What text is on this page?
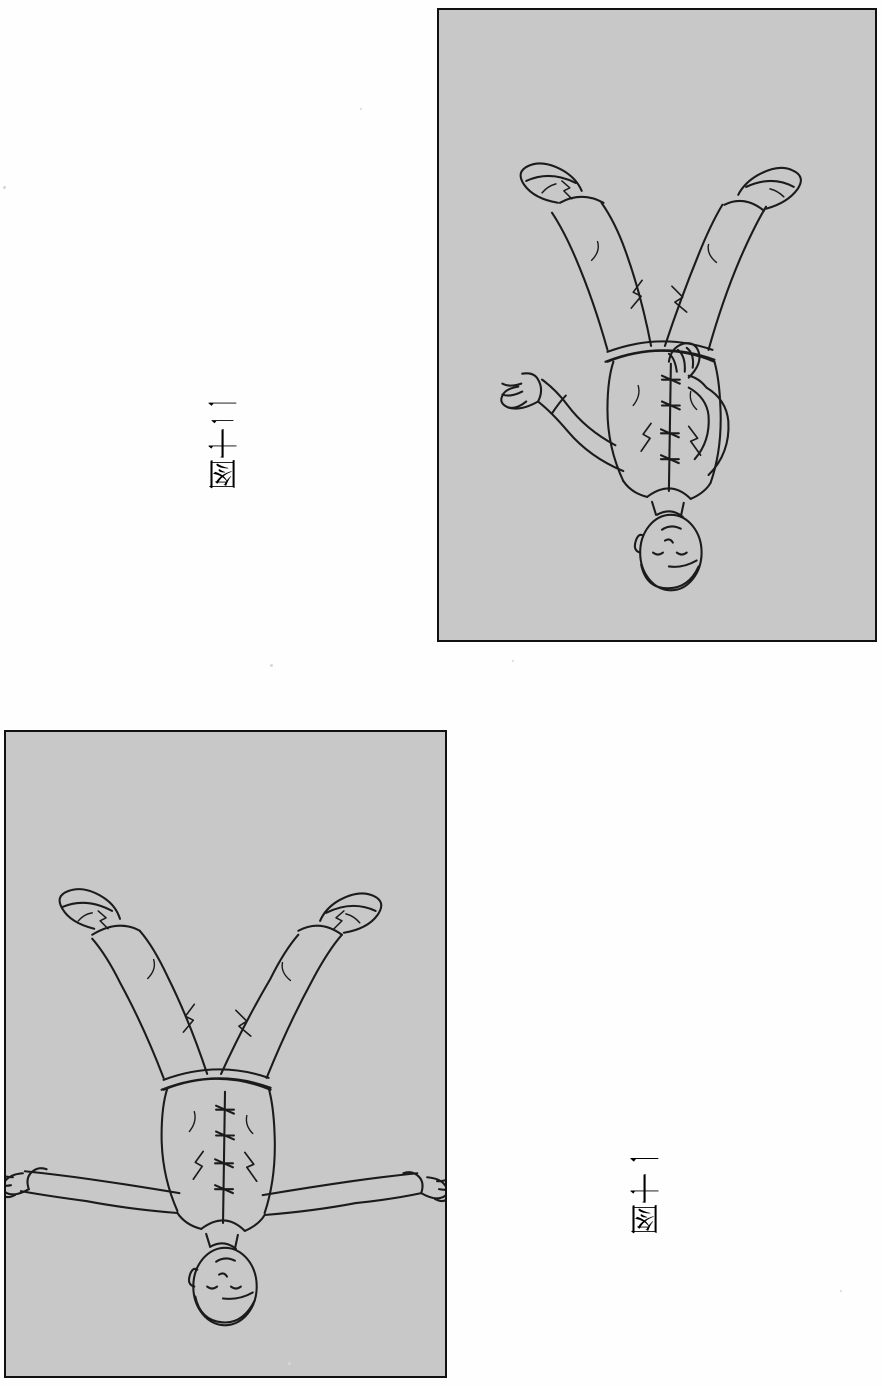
图十二
图十一
